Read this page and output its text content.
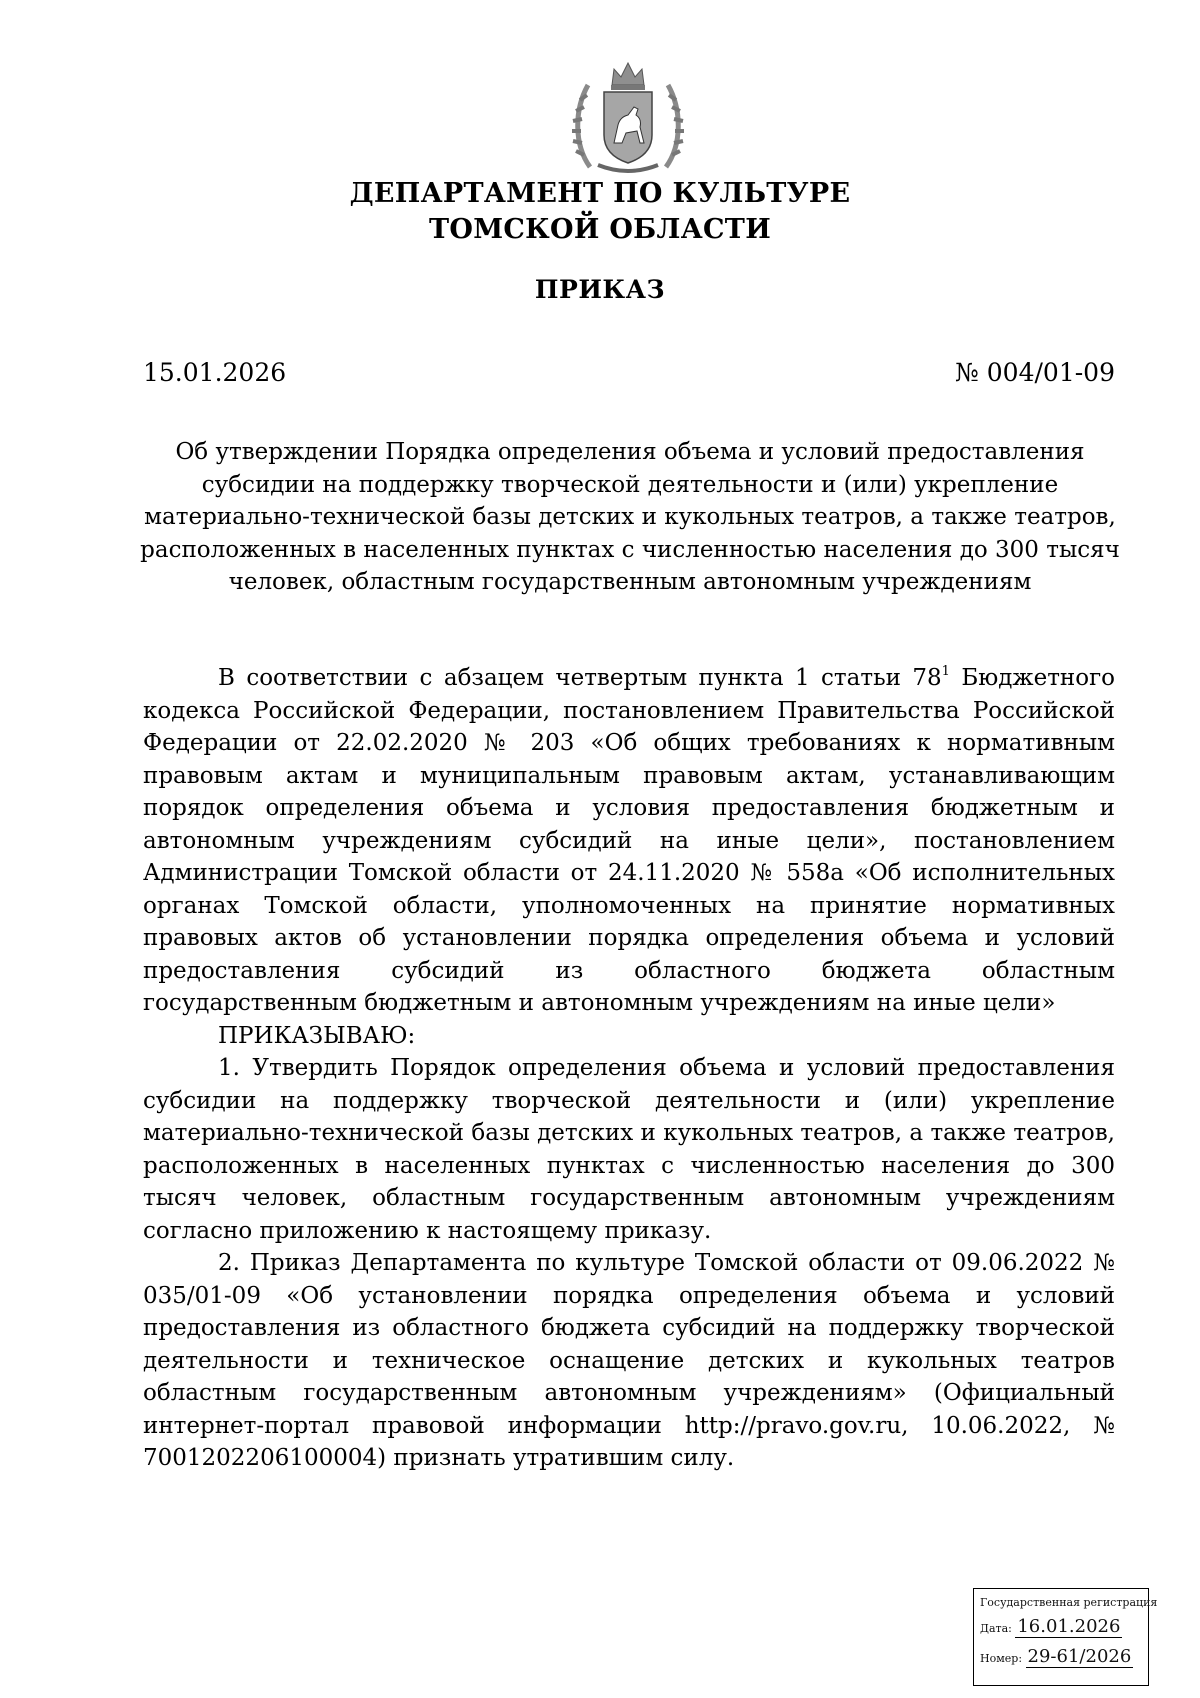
ДЕПАРТАМЕНТ ПО КУЛЬТУРЕ
ТОМСКОЙ ОБЛАСТИ
ПРИКАЗ
15.01.2026	№ 004/01-09
Об утверждении Порядка определения объема и условий предоставления субсидии на поддержку творческой деятельности и (или) укрепление материально-технической базы детских и кукольных театров, а также театров, расположенных в населенных пунктах с численностью населения до 300 тысяч человек, областным государственным автономным учреждениям

В соответствии с абзацем четвертым пункта 1 статьи $78^1$ Бюджетного кодекса Российской Федерации, постановлением Правительства Российской Федерации от 22.02.2020 № 203 «Об общих требованиях к нормативным правовым актам и муниципальным правовым актам, устанавливающим порядок определения объема и условия предоставления бюджетным и автономным учреждениям субсидий на иные цели», постановлением Администрации Томской области от 24.11.2020 № 558а «Об исполнительных органах Томской области, уполномоченных на принятие нормативных правовых актов об установлении порядка определения объема и условий предоставления субсидий из областного бюджета областным государственным бюджетным и автономным учреждениям на иные цели»

ПРИКАЗЫВАЮ:

1. Утвердить Порядок определения объема и условий предоставления субсидии на поддержку творческой деятельности и (или) укрепление материально-технической базы детских и кукольных театров, а также театров, расположенных в населенных пунктах с численностью населения до 300 тысяч человек, областным государственным автономным учреждениям согласно приложению к настоящему приказу.

2. Приказ Департамента по культуре Томской области от 09.06.2022 № 035/01-09 «Об установлении порядка определения объема и условий предоставления из областного бюджета субсидий на поддержку творческой деятельности и техническое оснащение детских и кукольных театров областным государственным автономным учреждениям» (Официальный интернет-портал правовой информации http://pravo.gov.ru, 10.06.2022, № 7001202206100004) признать утратившим силу.

Государственная регистрация
Дата: 16.01.2026
Номер: 29-61/2026
